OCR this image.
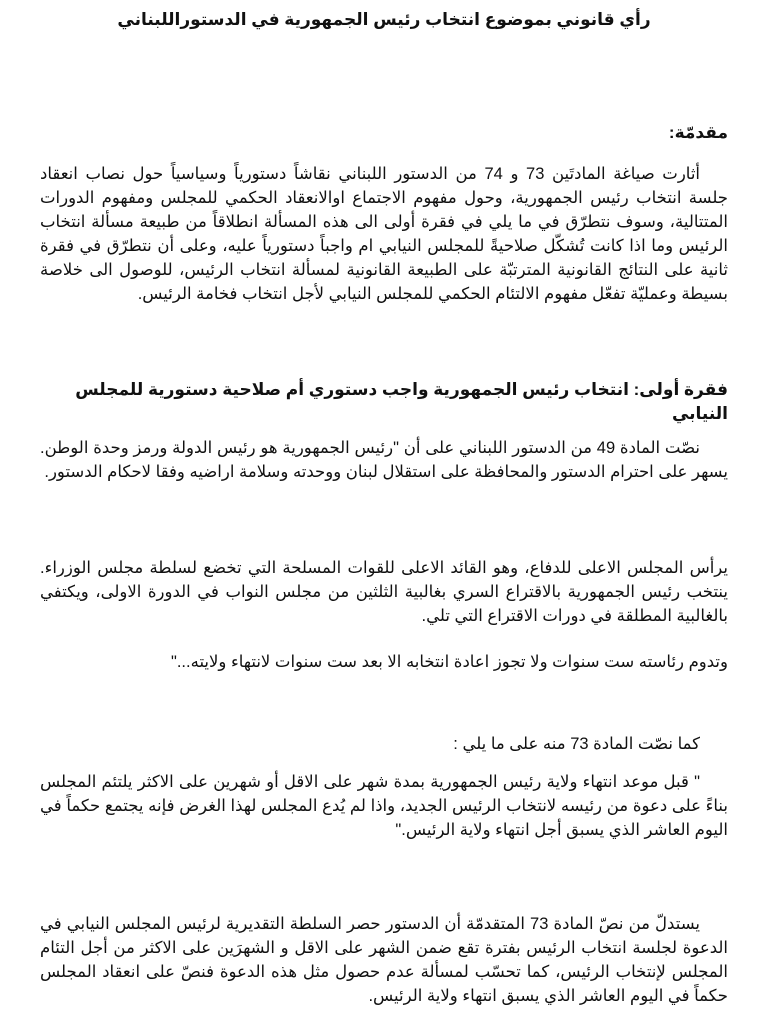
رأي قانوني بموضوع انتخاب رئيس الجمهورية في الدستوراللبناني
مقدمّة:
أثارت صياغة المادتَين 73 و 74 من الدستور اللبناني نقاشاً دستورياً وسياسياً حول نصاب انعقاد جلسة انتخاب رئيس الجمهورية، وحول مفهوم الاجتماع اوالانعقاد الحكمي للمجلس ومفهوم الدورات المتتالية، وسوف نتطرّق في ما يلي في فقرة أولى الى هذه المسألة انطلاقاً من طبيعة مسألة انتخاب الرئيس وما اذا كانت تُشكّل صلاحيةً للمجلس النيابي ام واجباً دستورياً عليه، وعلى أن نتطرّق في فقرة ثانية على النتائج القانونية المترتبّة على الطبيعة القانونية لمسألة انتخاب الرئيس، للوصول الى خلاصة بسيطة وعمليّة تفعّل مفهوم الالتئام الحكمي للمجلس النيابي لأجل انتخاب فخامة الرئيس.
فقرة أولى: انتخاب رئيس الجمهورية واجب دستوري أم صلاحية دستورية للمجلس النيابي
نصّت المادة 49 من الدستور اللبناني على أن "رئيس الجمهورية هو رئيس الدولة ورمز وحدة الوطن. يسهر على احترام الدستور والمحافظة على استقلال لبنان ووحدته وسلامة اراضيه وفقا لاحكام الدستور.
يرأس المجلس الاعلى للدفاع، وهو القائد الاعلى للقوات المسلحة التي تخضع لسلطة مجلس الوزراء. ينتخب رئيس الجمهورية بالاقتراع السري بغالبية الثلثين من مجلس النواب في الدورة الاولى، ويكتفي بالغالبية المطلقة في دورات الاقتراع التي تلي.
وتدوم رئاسته ست سنوات ولا تجوز اعادة انتخابه الا بعد ست سنوات لانتهاء ولايته..."
كما نصّت المادة 73 منه على ما يلي :
" قبل موعد انتهاء ولاية رئيس الجمهورية بمدة شهر على الاقل أو شهرين على الاكثر يلتئم المجلس بناءً على دعوة من رئيسه لانتخاب الرئيس الجديد، واذا لم يُدع المجلس لهذا الغرض فإنه يجتمع حكماً في اليوم العاشر الذي يسبق أجل انتهاء ولاية الرئيس."
يستدلّ من نصّ المادة 73 المتقدمّة أن الدستور حصر السلطة التقديرية لرئيس المجلس النيابي في الدعوة لجلسة انتخاب الرئيس بفترة تقع ضمن الشهر على الاقل و الشهرَين على الاكثر من أجل التئام المجلس لإنتخاب الرئيس، كما تحسّب لمسألة عدم حصول مثل هذه الدعوة فنصّ على انعقاد المجلس حكماً في اليوم العاشر الذي يسبق انتهاء ولاية الرئيس.
